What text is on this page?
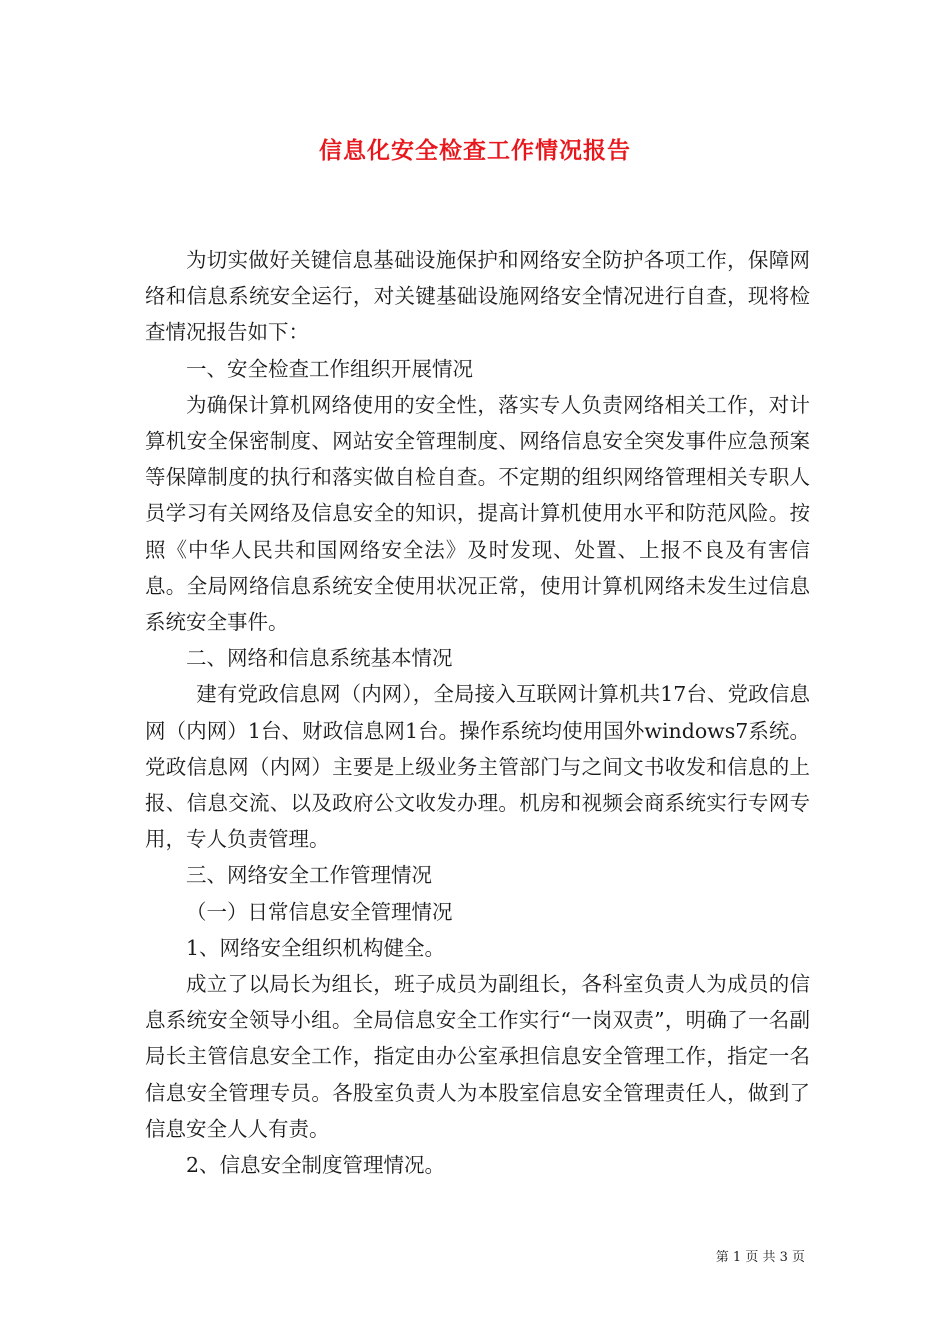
信息化安全检查工作情况报告

为切实做好关键信息基础设施保护和网络安全防护各项工作，保障网络和信息系统安全运行，对关键基础设施网络安全情况进行自查，现将检查情况报告如下：

一、安全检查工作组织开展情况

为确保计算机网络使用的安全性，落实专人负责网络相关工作，对计算机安全保密制度、网站安全管理制度、网络信息安全突发事件应急预案等保障制度的执行和落实做自检自查。不定期的组织网络管理相关专职人员学习有关网络及信息安全的知识，提高计算机使用水平和防范风险。按照《中华人民共和国网络安全法》及时发现、处置、上报不良及有害信息。全局网络信息系统安全使用状况正常，使用计算机网络未发生过信息系统安全事件。

二、网络和信息系统基本情况

建有党政信息网（内网），全局接入互联网计算机共17台、党政信息网（内网）1台、财政信息网1台。操作系统均使用国外windows7系统。党政信息网（内网）主要是上级业务主管部门与之间文书收发和信息的上报、信息交流、以及政府公文收发办理。机房和视频会商系统实行专网专用，专人负责管理。

三、网络安全工作管理情况

（一）日常信息安全管理情况

1、网络安全组织机构健全。

成立了以局长为组长，班子成员为副组长，各科室负责人为成员的信息系统安全领导小组。全局信息安全工作实行“一岗双责”，明确了一名副局长主管信息安全工作，指定由办公室承担信息安全管理工作，指定一名信息安全管理专员。各股室负责人为本股室信息安全管理责任人，做到了信息安全人人有责。

2、信息安全制度管理情况。

第 1 页 共 3 页
